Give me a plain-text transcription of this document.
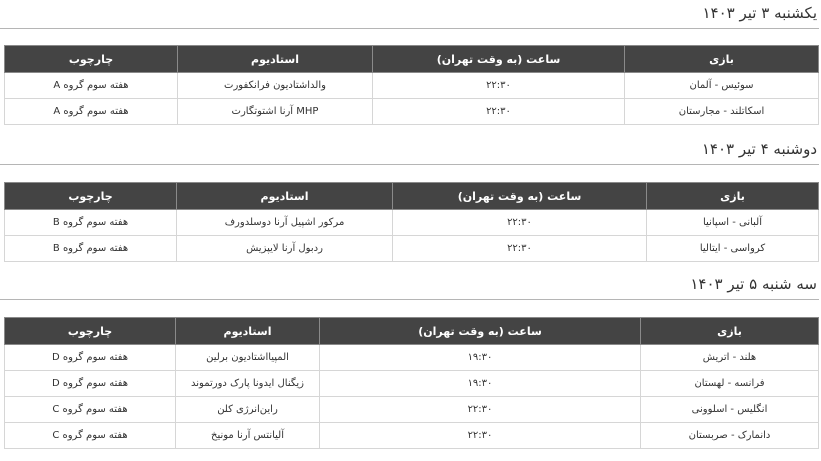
یکشنبه ۳ تیر ۱۴۰۳
بازی	ساعت (به وقت تهران)	استادیوم	چارچوب
سوئیس - آلمان	۲۲:۳۰	والداشتادیون فرانکفورت	هفته سوم گروه A
اسکاتلند - مجارستان	۲۲:۳۰	MHP آرنا اشتوتگارت	هفته سوم گروه A
دوشنبه ۴ تیر ۱۴۰۳
بازی	ساعت (به وقت تهران)	استادیوم	چارچوب
آلبانی - اسپانیا	۲۲:۳۰	مرکور اشپیل آرنا دوسلدورف	هفته سوم گروه B
کرواسی - ایتالیا	۲۲:۳۰	ردبول آرنا لایپزیش	هفته سوم گروه B
سه شنبه ۵ تیر ۱۴۰۳
بازی	ساعت (به وقت تهران)	استادیوم	چارچوب
هلند - اتریش	۱۹:۳۰	المپیااشتادیون برلین	هفته سوم گروه D
فرانسه - لهستان	۱۹:۳۰	زیگنال ایدونا پارک دورتموند	هفته سوم گروه D
انگلیس - اسلوونی	۲۲:۳۰	راین‌انرژی کلن	هفته سوم گروه C
دانمارک - صربستان	۲۲:۳۰	آلیانتس آرنا مونیخ	هفته سوم گروه C
